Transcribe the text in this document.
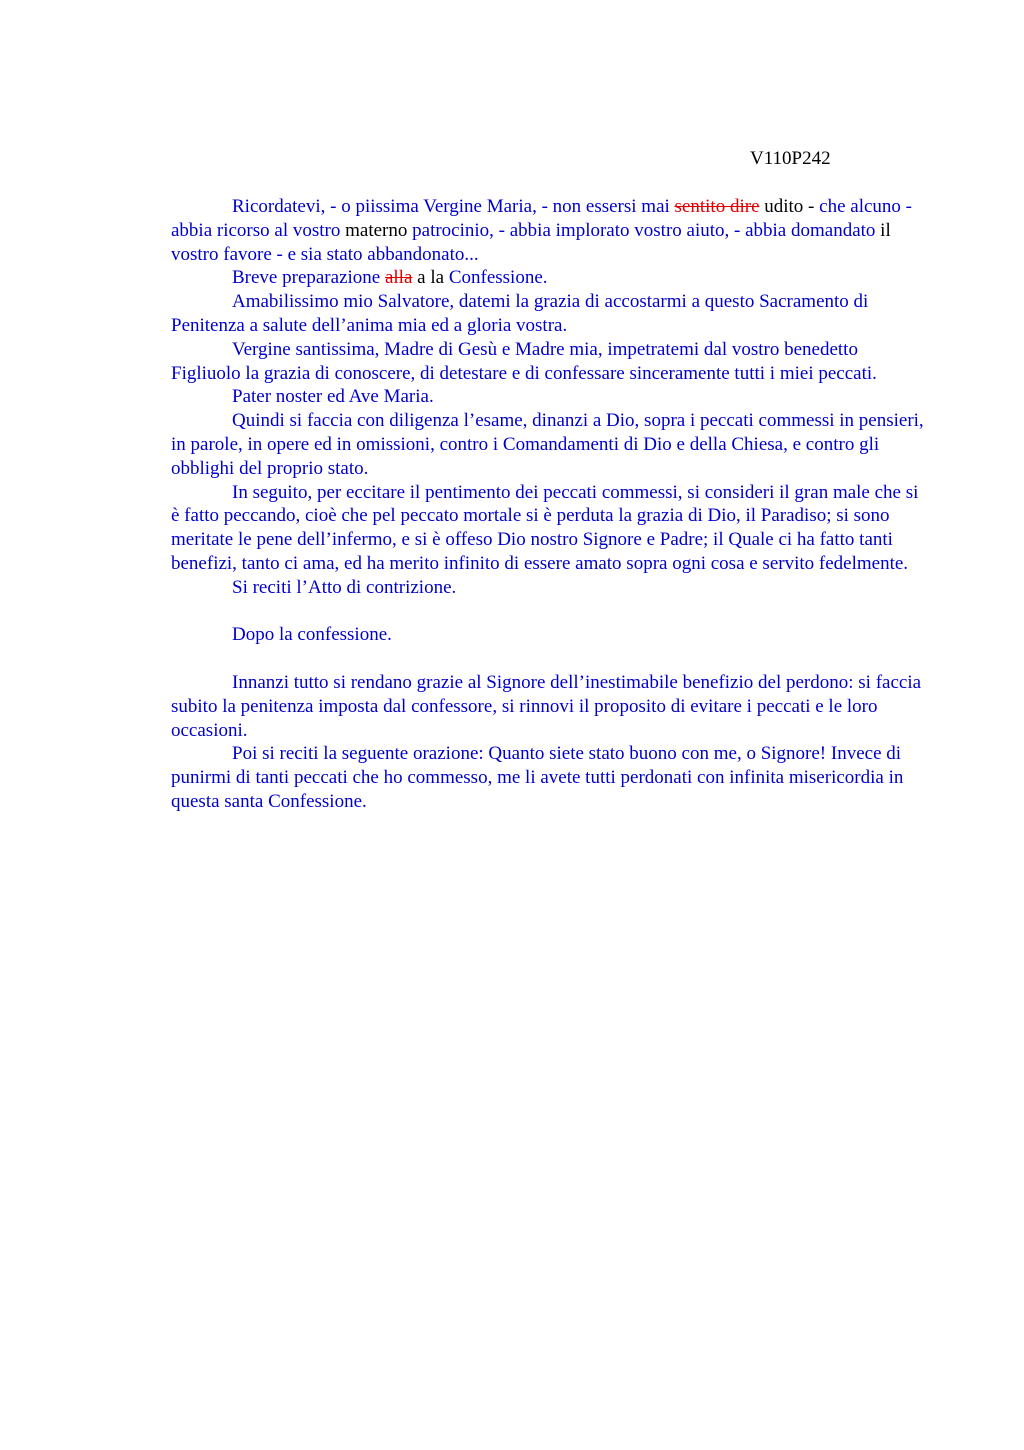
V110P242

Ricordatevi, - o piissima Vergine Maria, - non essersi mai sentito dire udito - che alcuno - abbia ricorso al vostro materno patrocinio, - abbia implorato vostro aiuto, - abbia domandato il vostro favore - e sia stato abbandonato...

Breve preparazione alla a la Confessione.

Amabilissimo mio Salvatore, datemi la grazia di accostarmi a questo Sacramento di Penitenza a salute dell’anima mia ed a gloria vostra.

Vergine santissima, Madre di Gesù e Madre mia, impetratemi dal vostro benedetto Figliuolo la grazia di conoscere, di detestare e di confessare sinceramente tutti i miei peccati.

Pater noster ed Ave Maria.

Quindi si faccia con diligenza l’esame, dinanzi a Dio, sopra i peccati commessi in pensieri, in parole, in opere ed in omissioni, contro i Comandamenti di Dio e della Chiesa, e contro gli obblighi del proprio stato.

In seguito, per eccitare il pentimento dei peccati commessi, si consideri il gran male che si è fatto peccando, cioè che pel peccato mortale si è perduta la grazia di Dio, il Paradiso; si sono meritate le pene dell’infermo, e si è offeso Dio nostro Signore e Padre; il Quale ci ha fatto tanti benefizi, tanto ci ama, ed ha merito infinito di essere amato sopra ogni cosa e servito fedelmente.

Si reciti l’Atto di contrizione.

Dopo la confessione.

Innanzi tutto si rendano grazie al Signore dell’inestimabile benefizio del perdono: si faccia subito la penitenza imposta dal confessore, si rinnovi il proposito di evitare i peccati e le loro occasioni.

Poi si reciti la seguente orazione: Quanto siete stato buono con me, o Signore! Invece di punirmi di tanti peccati che ho commesso, me li avete tutti perdonati con infinita misericordia in questa santa Confessione.
